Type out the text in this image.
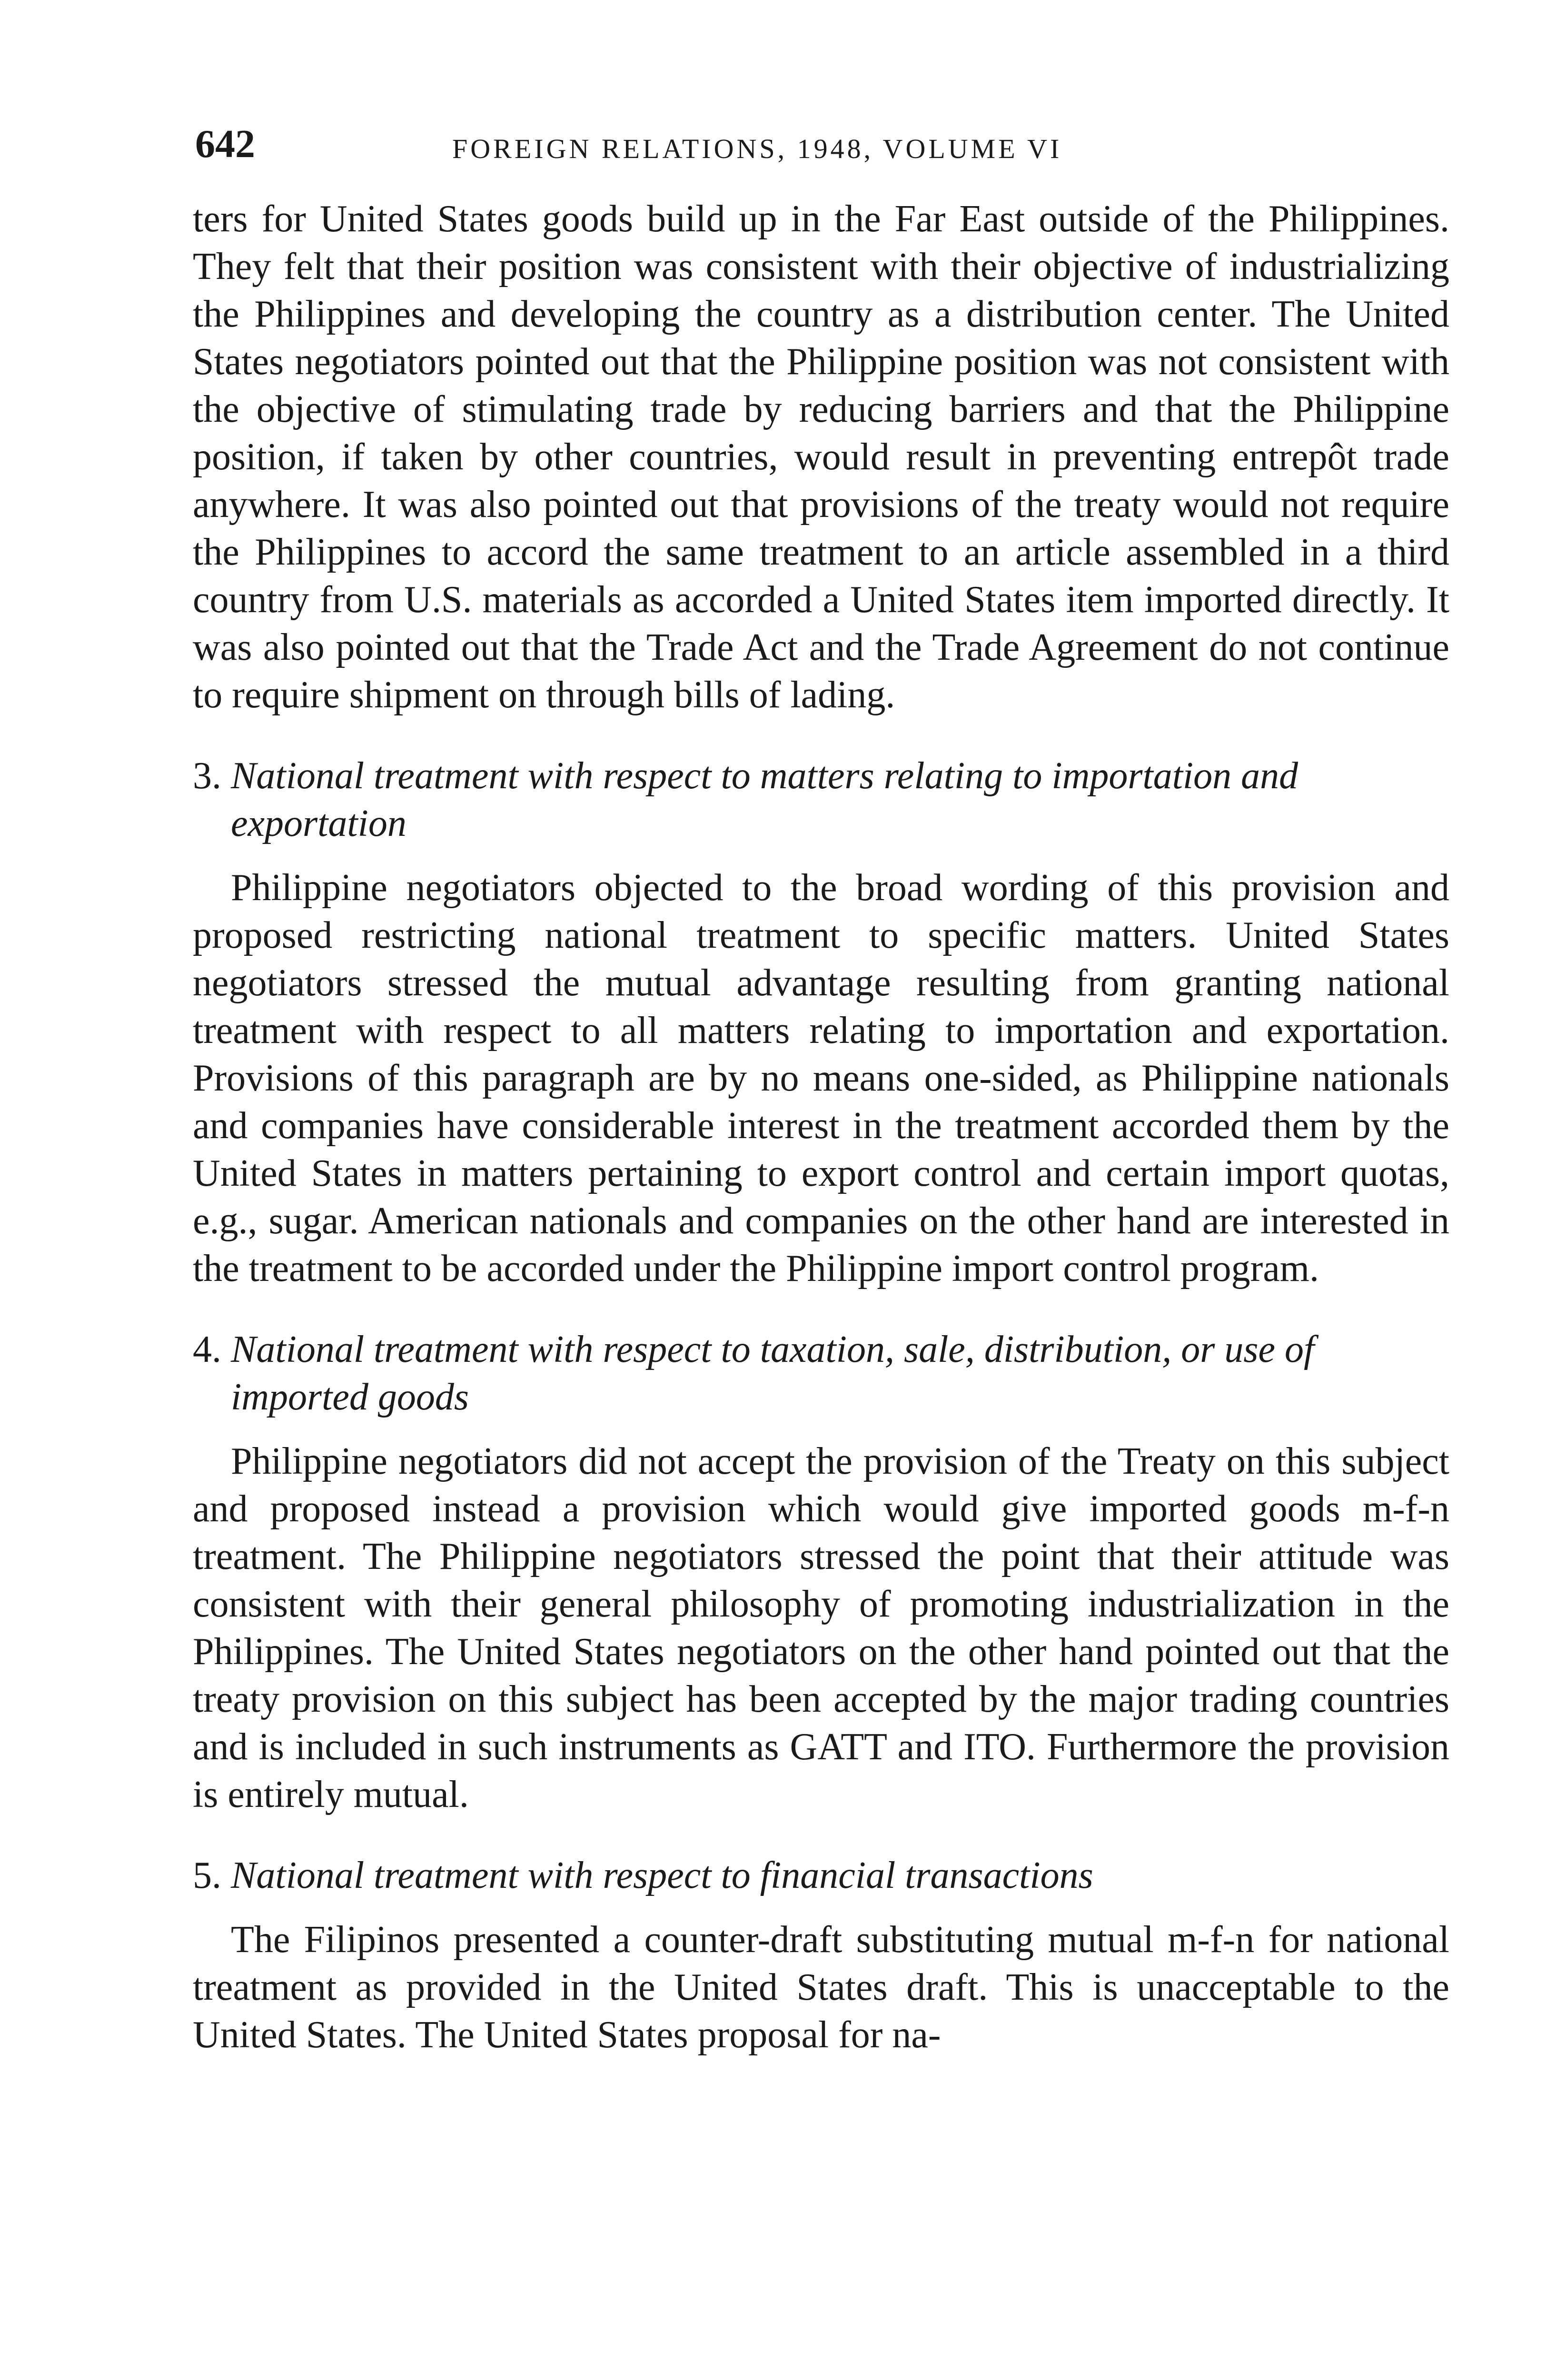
642	FOREIGN RELATIONS, 1948, VOLUME VI

ters for United States goods build up in the Far East outside of the Philippines. They felt that their position was consistent with their objective of industrializing the Philippines and developing the country as a distribution center. The United States negotiators pointed out that the Philippine position was not consistent with the objective of stimulating trade by reducing barriers and that the Philippine position, if taken by other countries, would result in preventing entrepôt trade anywhere. It was also pointed out that provisions of the treaty would not require the Philippines to accord the same treatment to an article assembled in a third country from U.S. materials as accorded a United States item imported directly. It was also pointed out that the Trade Act and the Trade Agreement do not continue to require shipment on through bills of lading.

3. National treatment with respect to matters relating to importation and exportation

Philippine negotiators objected to the broad wording of this provision and proposed restricting national treatment to specific matters. United States negotiators stressed the mutual advantage resulting from granting national treatment with respect to all matters relating to importation and exportation. Provisions of this paragraph are by no means one-sided, as Philippine nationals and companies have considerable interest in the treatment accorded them by the United States in matters pertaining to export control and certain import quotas, e.g., sugar. American nationals and companies on the other hand are interested in the treatment to be accorded under the Philippine import control program.

4. National treatment with respect to taxation, sale, distribution, or use of imported goods

Philippine negotiators did not accept the provision of the Treaty on this subject and proposed instead a provision which would give imported goods m-f-n treatment. The Philippine negotiators stressed the point that their attitude was consistent with their general philosophy of promoting industrialization in the Philippines. The United States negotiators on the other hand pointed out that the treaty provision on this subject has been accepted by the major trading countries and is included in such instruments as GATT and ITO. Furthermore the provision is entirely mutual.

5. National treatment with respect to financial transactions

The Filipinos presented a counter-draft substituting mutual m-f-n for national treatment as provided in the United States draft. This is unacceptable to the United States. The United States proposal for na-
